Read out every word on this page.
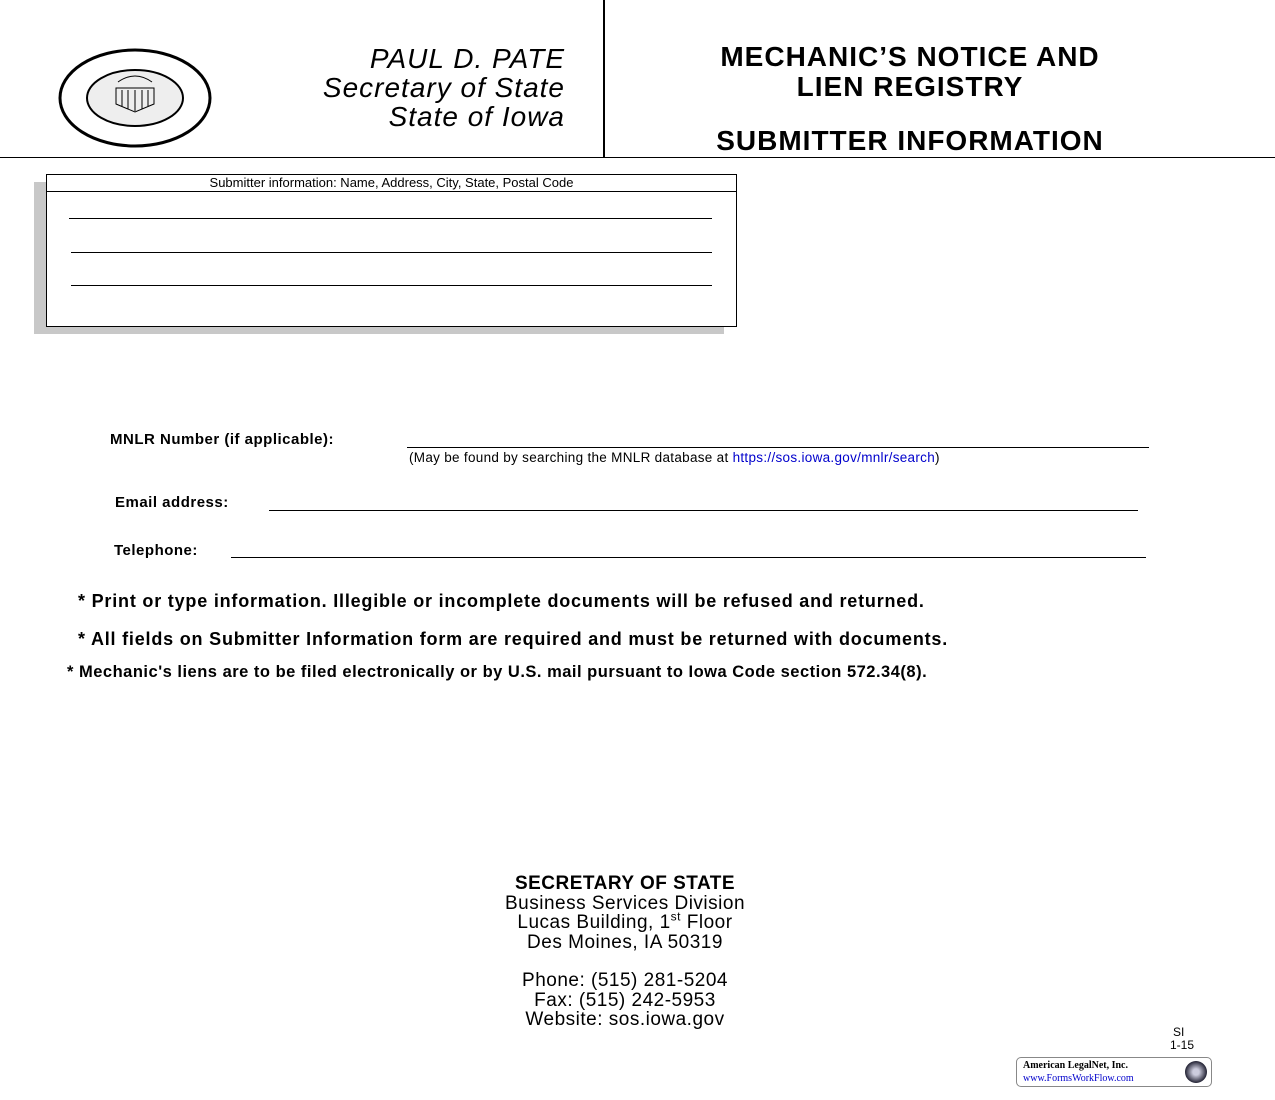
PAUL D. PATE
Secretary of State
State of Iowa
MECHANIC’S NOTICE AND
LIEN REGISTRY
SUBMITTER INFORMATION
Submitter information: Name, Address, City, State, Postal Code
MNLR Number (if applicable):
(May be found by searching the MNLR database at https://sos.iowa.gov/mnlr/search)
Email address:
Telephone:
* Print or type information. Illegible or incomplete documents will be refused and returned.
* All fields on Submitter Information form are required and must be returned with documents.
* Mechanic's liens are to be filed electronically or by U.S. mail pursuant to Iowa Code section 572.34(8).
SECRETARY OF STATE
Business Services Division
Lucas Building, 1st Floor
Des Moines, IA 50319
Phone: (515) 281-5204
Fax: (515) 242-5953
Website: sos.iowa.gov
SI
1-15
American LegalNet, Inc.
www.FormsWorkFlow.com
